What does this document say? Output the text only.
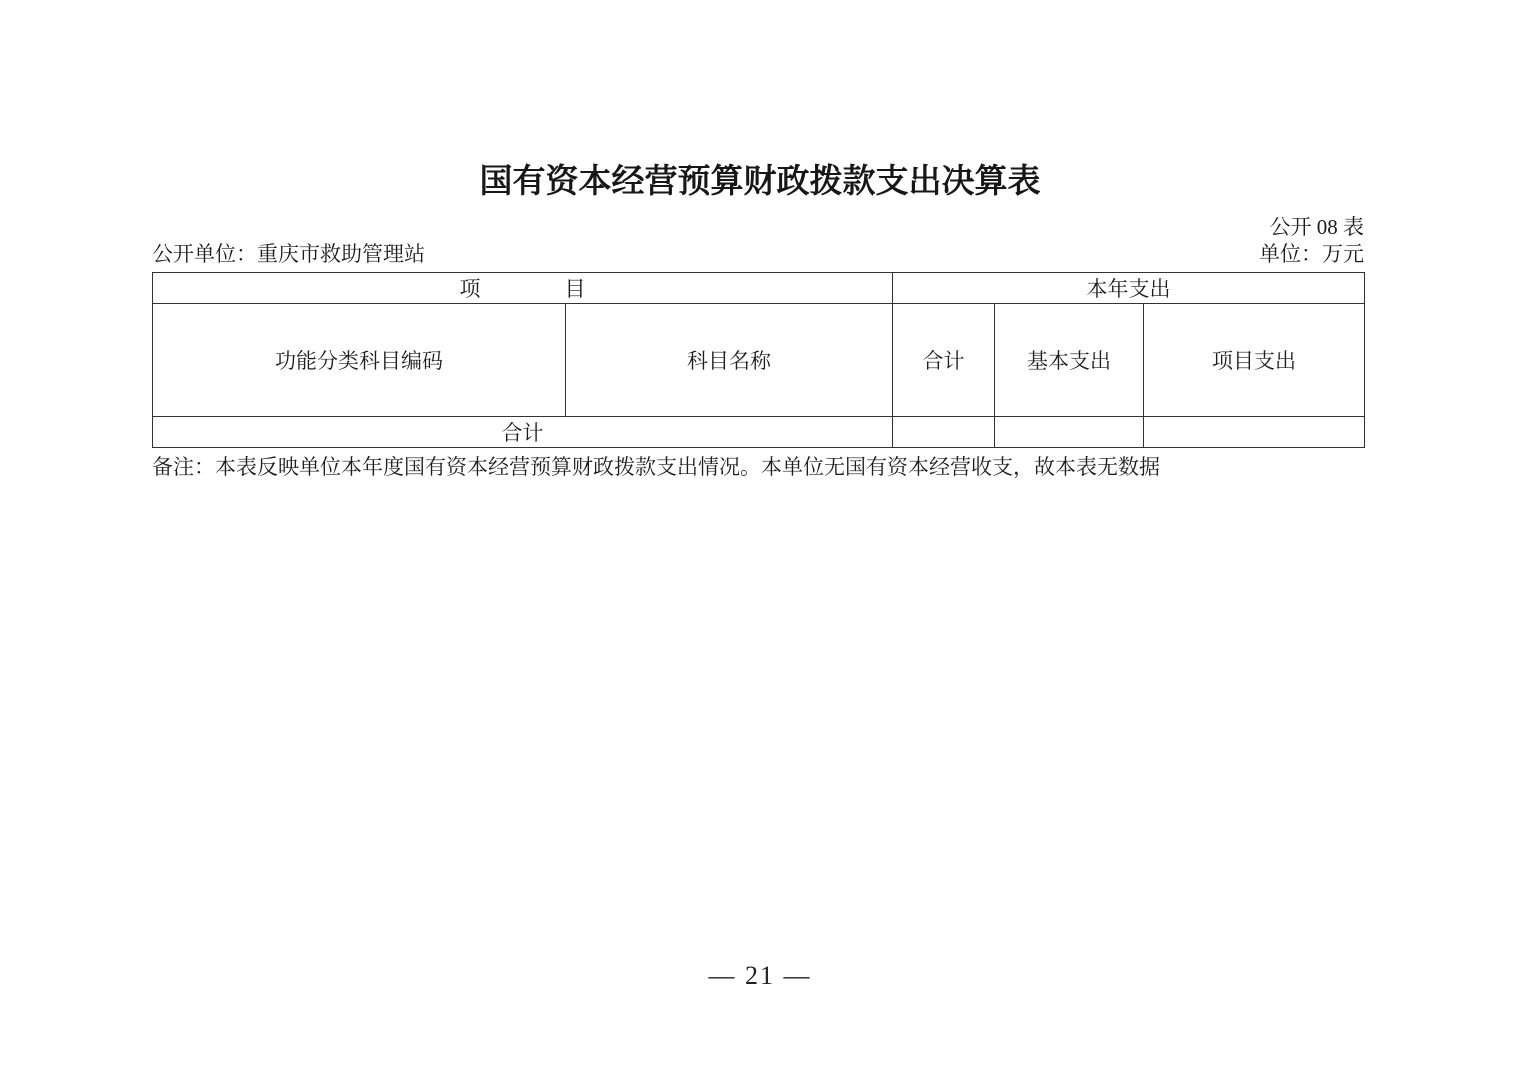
国有资本经营预算财政拨款支出决算表
公开 08 表
公开单位：重庆市救助管理站	单位：万元
项　　　　目		本年支出		
功能分类科目编码	科目名称	合计	基本支出	项目支出
合计				
备注：本表反映单位本年度国有资本经营预算财政拨款支出情况。本单位无国有资本经营收支，故本表无数据
— 21 —
